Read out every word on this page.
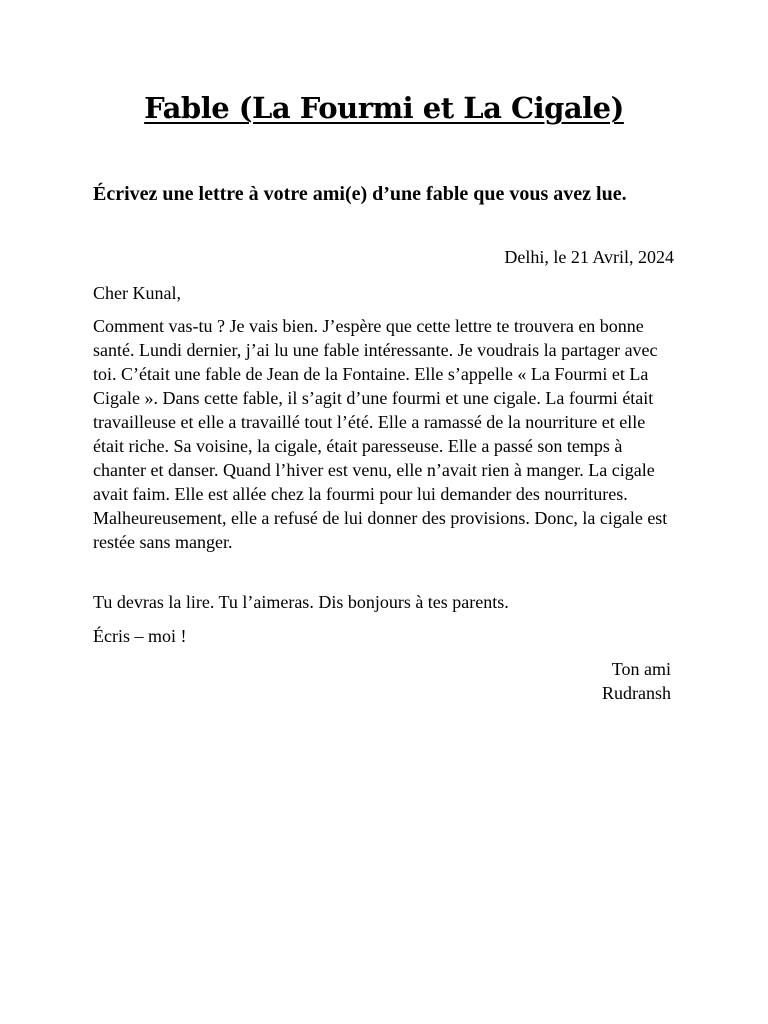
Fable (La Fourmi et La Cigale)

Écrivez une lettre à votre ami(e) d’une fable que vous avez lue.

Delhi, le 21 Avril, 2024

Cher Kunal,

Comment vas-tu ? Je vais bien. J’espère que cette lettre te trouvera en bonne santé. Lundi dernier, j’ai lu une fable intéressante. Je voudrais la partager avec toi. C’était une fable de Jean de la Fontaine. Elle s’appelle « La Fourmi et La Cigale ». Dans cette fable, il s’agit d’une fourmi et une cigale. La fourmi était travailleuse et elle a travaillé tout l’été. Elle a ramassé de la nourriture et elle était riche. Sa voisine, la cigale, était paresseuse. Elle a passé son temps à chanter et danser. Quand l’hiver est venu, elle n’avait rien à manger. La cigale avait faim. Elle est allée chez la fourmi pour lui demander des nourritures. Malheureusement, elle a refusé de lui donner des provisions. Donc, la cigale est restée sans manger.

Tu devras la lire. Tu l’aimeras. Dis bonjours à tes parents.

Écris – moi !

Ton ami
Rudransh
